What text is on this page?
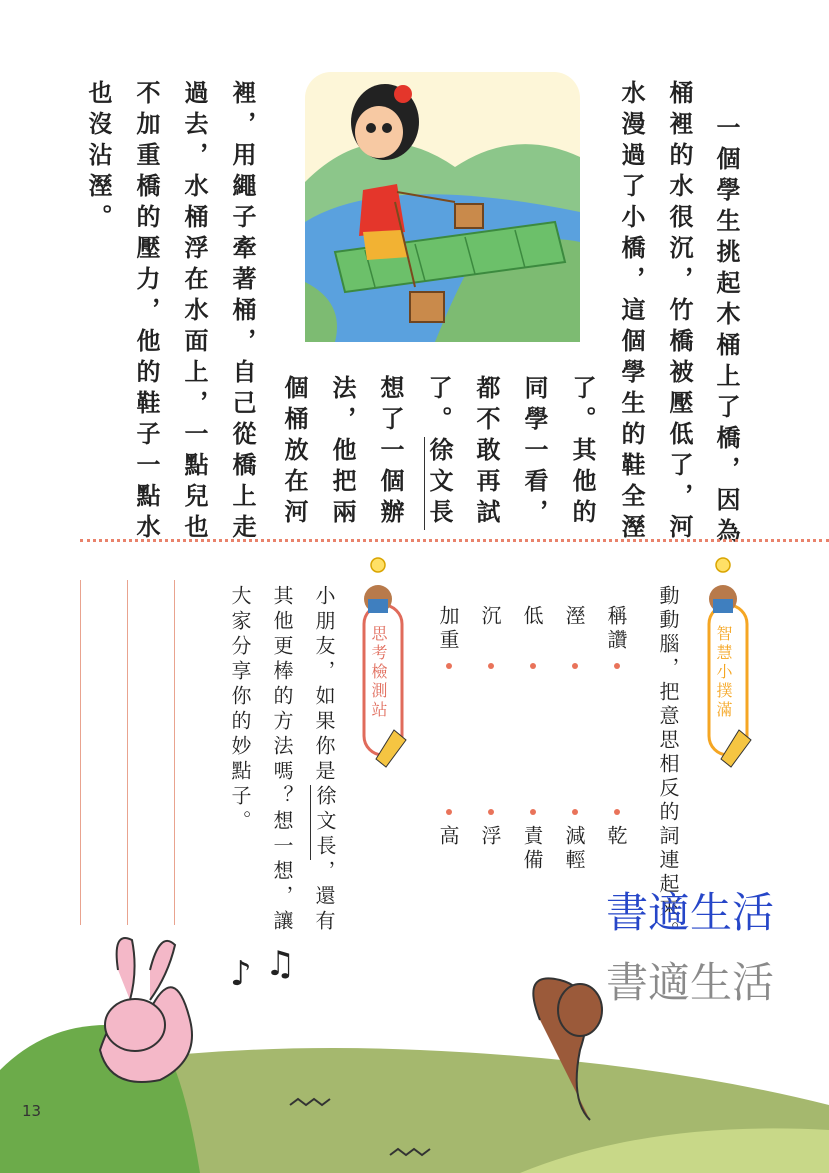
一個學生挑起木桶上了橋，因為
桶裡的水很沉，竹橋被壓低了，河
水漫過了小橋，這個學生的鞋全溼
了。其他的
同學一看，
都不敢再試
了。
徐文長
想了一個辦
法，他把兩
個桶放在河
裡，用繩子牽著桶，自己從橋上走
過去，水桶浮在水面上，一點兒也
不加重橋的壓力，他的鞋子一點水
也沒沾溼。
智慧小撲滿
動動腦，把意思相反的詞連起來。
稱讚
溼
低
沉
加重
乾
減輕
責備
浮
高
思考檢測站
小朋友，如果你是
徐文長
，
還有
其他更棒的方法嗎？想一想，讓
大家分享你的妙點子。
♪ ♫
書適生活
書適生活
13
